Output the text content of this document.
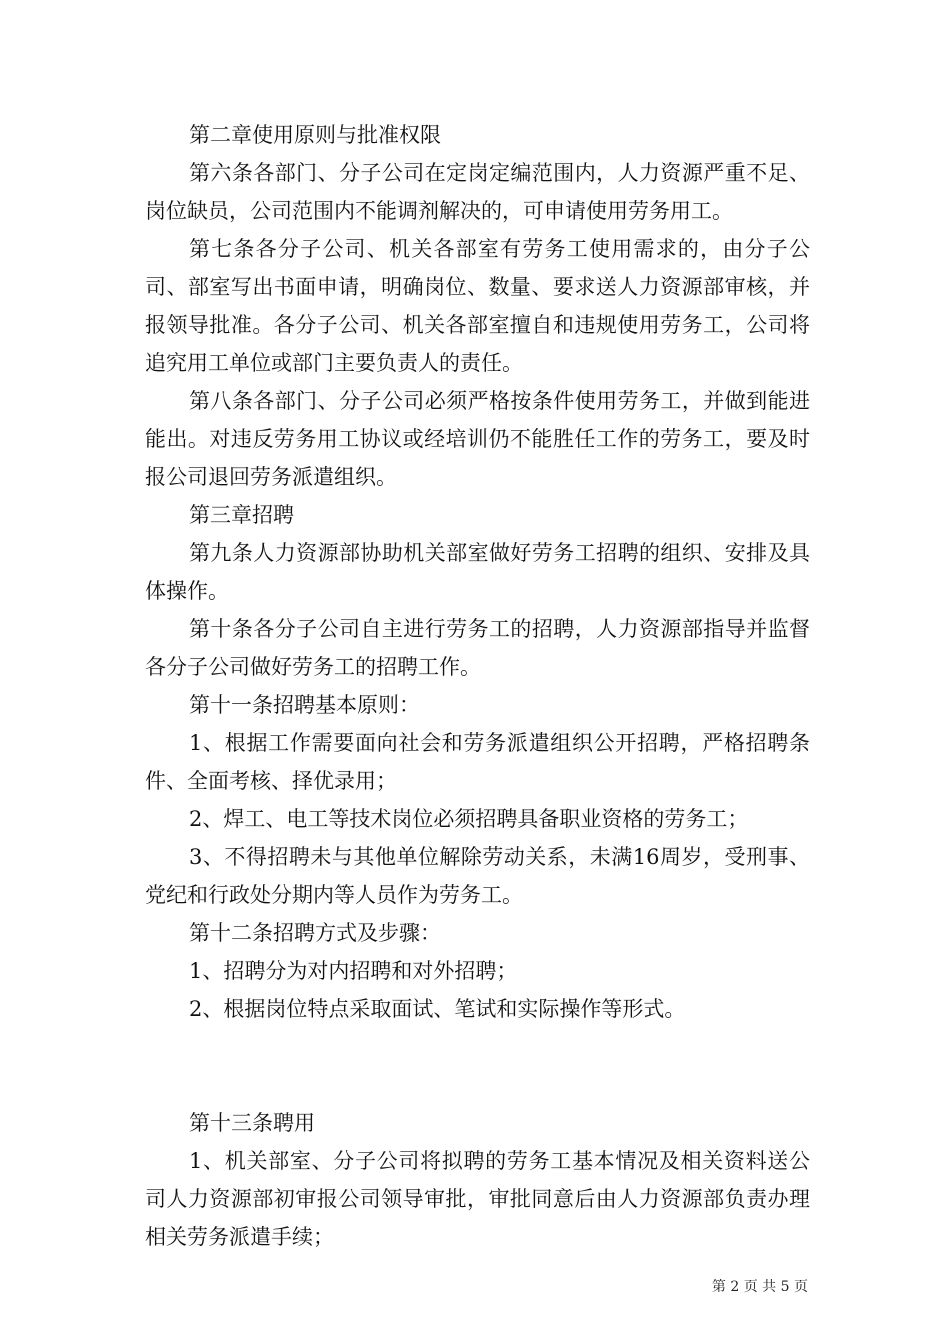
第二章使用原则与批准权限

第六条各部门、分子公司在定岗定编范围内，人力资源严重不足、岗位缺员，公司范围内不能调剂解决的，可申请使用劳务用工。

第七条各分子公司、机关各部室有劳务工使用需求的，由分子公司、部室写出书面申请，明确岗位、数量、要求送人力资源部审核，并报领导批准。各分子公司、机关各部室擅自和违规使用劳务工，公司将追究用工单位或部门主要负责人的责任。

第八条各部门、分子公司必须严格按条件使用劳务工，并做到能进能出。对违反劳务用工协议或经培训仍不能胜任工作的劳务工，要及时报公司退回劳务派遣组织。

第三章招聘

第九条人力资源部协助机关部室做好劳务工招聘的组织、安排及具体操作。

第十条各分子公司自主进行劳务工的招聘，人力资源部指导并监督各分子公司做好劳务工的招聘工作。

第十一条招聘基本原则：

1、根据工作需要面向社会和劳务派遣组织公开招聘，严格招聘条件、全面考核、择优录用；

2、焊工、电工等技术岗位必须招聘具备职业资格的劳务工；

3、不得招聘未与其他单位解除劳动关系，未满16周岁，受刑事、党纪和行政处分期内等人员作为劳务工。

第十二条招聘方式及步骤：

1、招聘分为对内招聘和对外招聘；

2、根据岗位特点采取面试、笔试和实际操作等形式。

第十三条聘用

1、机关部室、分子公司将拟聘的劳务工基本情况及相关资料送公司人力资源部初审报公司领导审批，审批同意后由人力资源部负责办理相关劳务派遣手续；

第 2 页 共 5 页
